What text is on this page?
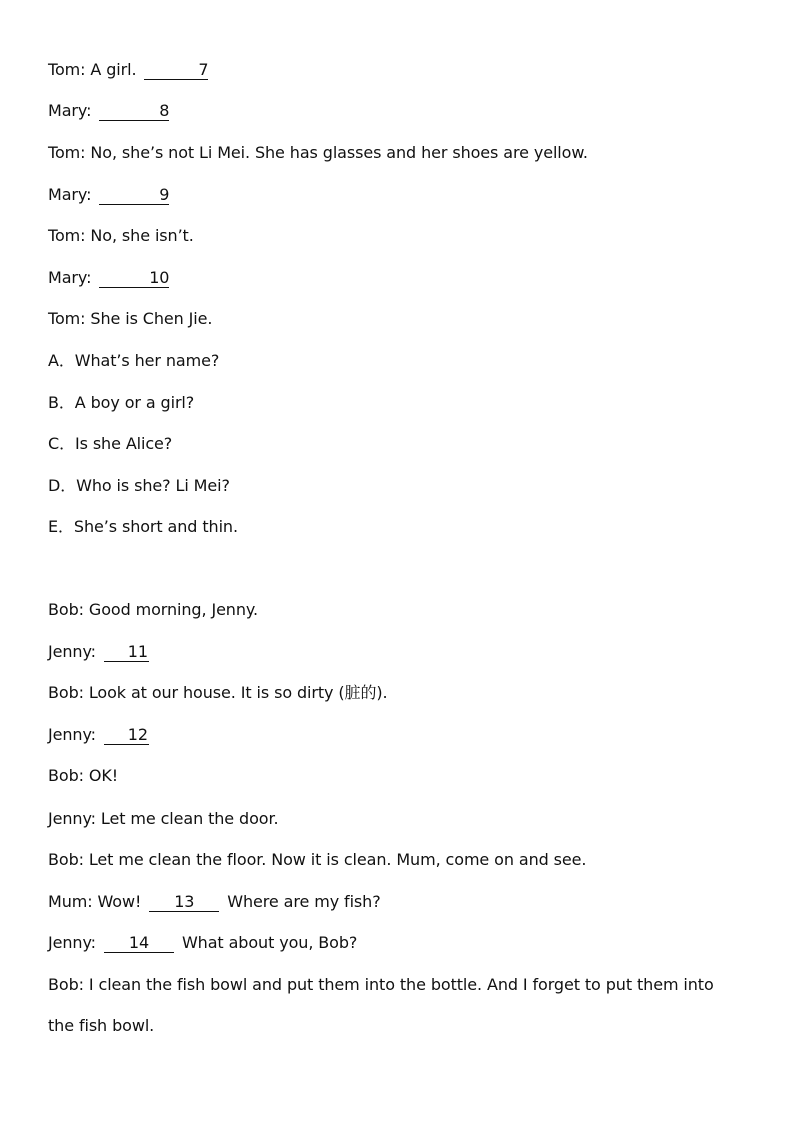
Tom: A girl.	7
Mary:	8
Tom: No, she’s not Li Mei. She has glasses and her shoes are yellow.
Mary:	9
Tom: No, she isn’t.
Mary:	10
Tom: She is Chen Jie.
A．What’s her name?
B．A boy or a girl?
C．Is she Alice?
D．Who is she? Li Mei?
E．She’s short and thin.
Bob: Good morning, Jenny.
Jenny: 11
Bob: Look at our house. It is so dirty (脏的).
Jenny: 12
Bob: OK!
Jenny: Let me clean the door.
Bob: Let me clean the floor. Now it is clean. Mum, come on and see.
Mum: Wow! 13 Where are my fish?
Jenny: 14 What about you, Bob?
Bob: I clean the fish bowl and put them into the bottle. And I forget to put them into
the fish bowl.
